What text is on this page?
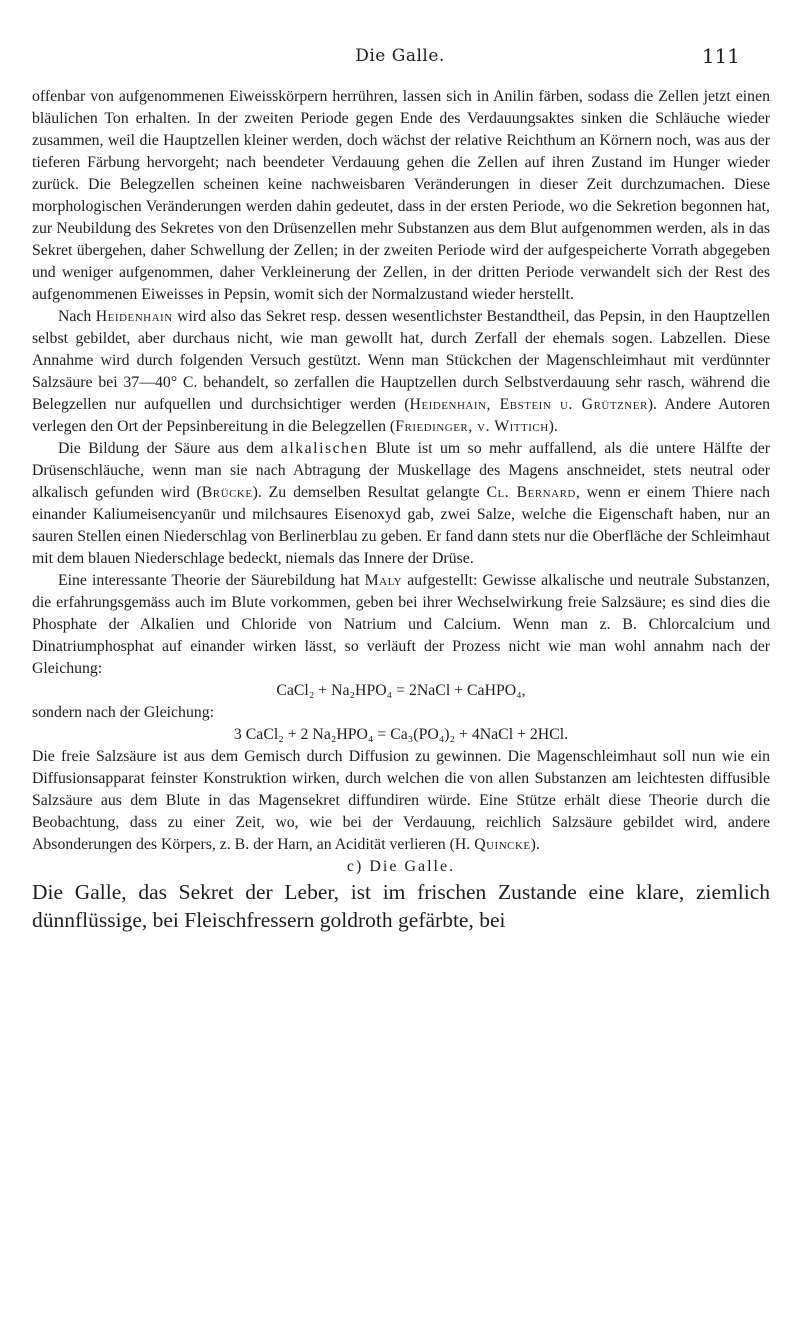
Die Galle.	111

offenbar von aufgenommenen Eiweisskörpern herrühren, lassen sich in Anilin färben, sodass die Zellen jetzt einen bläulichen Ton erhalten. In der zweiten Periode gegen Ende des Verdauungsaktes sinken die Schläuche wieder zusammen, weil die Hauptzellen kleiner werden, doch wächst der relative Reichthum an Körnern noch, was aus der tieferen Färbung hervorgeht; nach beendeter Verdauung gehen die Zellen auf ihren Zustand im Hunger wieder zurück. Die Belegzellen scheinen keine nachweisbaren Veränderungen in dieser Zeit durchzumachen. Diese morphologischen Veränderungen werden dahin gedeutet, dass in der ersten Periode, wo die Sekretion begonnen hat, zur Neubildung des Sekretes von den Drüsenzellen mehr Substanzen aus dem Blut aufgenommen werden, als in das Sekret übergehen, daher Schwellung der Zellen; in der zweiten Periode wird der aufgespeicherte Vorrath abgegeben und weniger aufgenommen, daher Verkleinerung der Zellen, in der dritten Periode verwandelt sich der Rest des aufgenommenen Eiweisses in Pepsin, womit sich der Normalzustand wieder herstellt.

Nach Heidenhain wird also das Sekret resp. dessen wesentlichster Bestandtheil, das Pepsin, in den Hauptzellen selbst gebildet, aber durchaus nicht, wie man gewollt hat, durch Zerfall der ehemals sogen. Labzellen. Diese Annahme wird durch folgenden Versuch gestützt. Wenn man Stückchen der Magenschleimhaut mit verdünnter Salzsäure bei 37—40° C. behandelt, so zerfallen die Hauptzellen durch Selbstverdauung sehr rasch, während die Belegzellen nur aufquellen und durchsichtiger werden (Heidenhain, Ebstein u. Grützner). Andere Autoren verlegen den Ort der Pepsinbereitung in die Belegzellen (Friedinger, v. Wittich).

Die Bildung der Säure aus dem alkalischen Blute ist um so mehr auffallend, als die untere Hälfte der Drüsenschläuche, wenn man sie nach Abtragung der Muskellage des Magens anschneidet, stets neutral oder alkalisch gefunden wird (Brücke). Zu demselben Resultat gelangte Cl. Bernard, wenn er einem Thiere nach einander Kaliumeisencyanür und milchsaures Eisenoxyd gab, zwei Salze, welche die Eigenschaft haben, nur an sauren Stellen einen Niederschlag von Berlinerblau zu geben. Er fand dann stets nur die Oberfläche der Schleimhaut mit dem blauen Niederschlage bedeckt, niemals das Innere der Drüse.

Eine interessante Theorie der Säurebildung hat Maly aufgestellt: Gewisse alkalische und neutrale Substanzen, die erfahrungsgemäss auch im Blute vorkommen, geben bei ihrer Wechselwirkung freie Salzsäure; es sind dies die Phosphate der Alkalien und Chloride von Natrium und Calcium. Wenn man z. B. Chlorcalcium und Dinatriumphosphat auf einander wirken lässt, so verläuft der Prozess nicht wie man wohl annahm nach der Gleichung:

CaCl₂ + Na₂HPO₄ = 2NaCl + CaHPO₄,

sondern nach der Gleichung:

3 CaCl₂ + 2 Na₂HPO₄ = Ca₃(PO₄)₂ + 4NaCl + 2HCl.

Die freie Salzsäure ist aus dem Gemisch durch Diffusion zu gewinnen. Die Magenschleimhaut soll nun wie ein Diffusionsapparat feinster Konstruktion wirken, durch welchen die von allen Substanzen am leichtesten diffusible Salzsäure aus dem Blute in das Magensekret diffundiren würde. Eine Stütze erhält diese Theorie durch die Beobachtung, dass zu einer Zeit, wo, wie bei der Verdauung, reichlich Salzsäure gebildet wird, andere Absonderungen des Körpers, z. B. der Harn, an Acidität verlieren (H. Quincke).

c) Die Galle.

Die Galle, das Sekret der Leber, ist im frischen Zustande eine klare, ziemlich dünnflüssige, bei Fleischfressern goldroth gefärbte, bei
